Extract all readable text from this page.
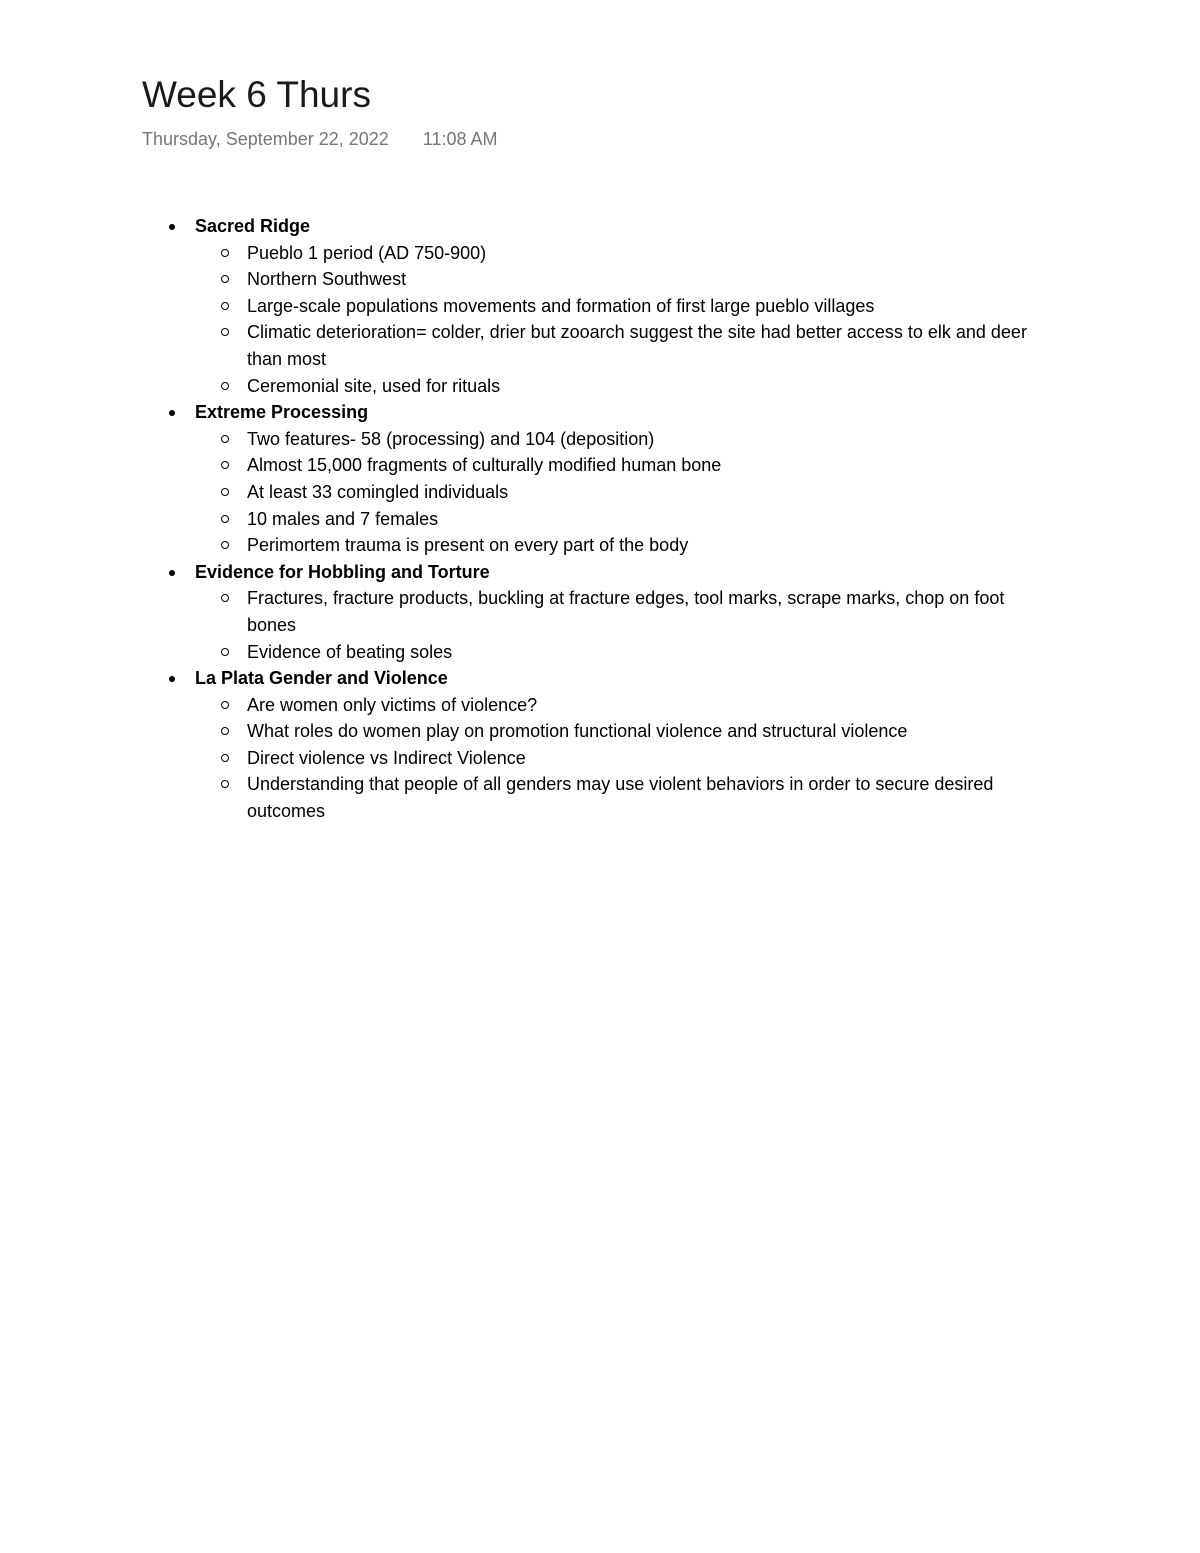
Week 6 Thurs
Thursday, September 22, 2022 11:08 AM
Sacred Ridge
Pueblo 1 period (AD 750-900)
Northern Southwest
Large-scale populations movements and formation of first large pueblo villages
Climatic deterioration= colder, drier but zooarch suggest the site had better access to elk and deer than most
Ceremonial site, used for rituals
Extreme Processing
Two features- 58 (processing) and 104 (deposition)
Almost 15,000 fragments of culturally modified human bone
At least 33 comingled individuals
10 males and 7 females
Perimortem trauma is present on every part of the body
Evidence for Hobbling and Torture
Fractures, fracture products, buckling at fracture edges, tool marks, scrape marks, chop on foot bones
Evidence of beating soles
La Plata Gender and Violence
Are women only victims of violence?
What roles do women play on promotion functional violence and structural violence
Direct violence vs Indirect Violence
Understanding that people of all genders may use violent behaviors in order to secure desired outcomes
